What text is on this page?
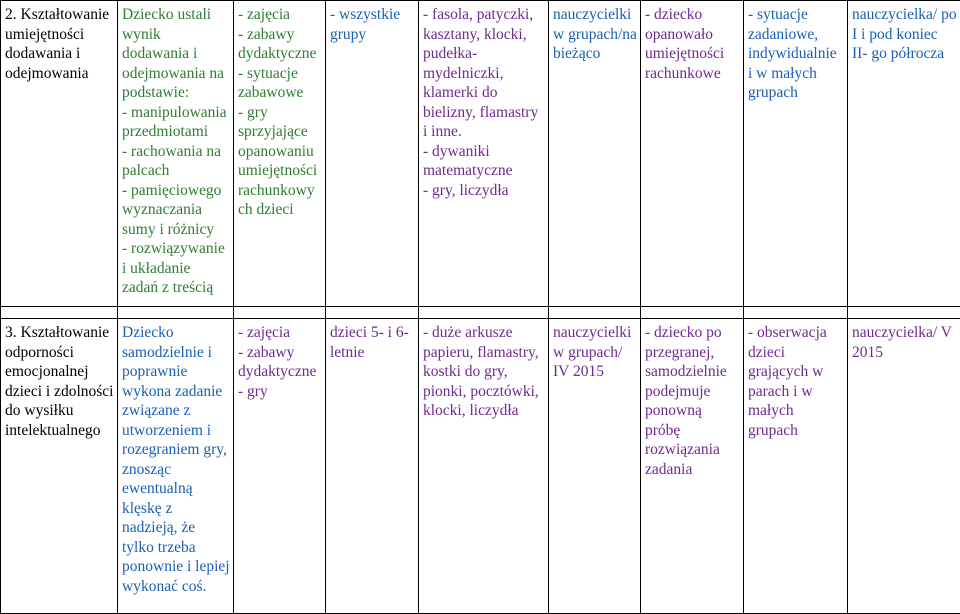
2. Kształtowanie umiejętności dodawania i odejmowania	Dziecko ustali wynik dodawania i odejmowania na podstawie:
- manipulowania przedmiotami
- rachowania na palcach
- pamięciowego wyznaczania sumy i różnicy
- rozwiązywanie i układanie zadań z treścią	- zajęcia
- zabawy dydaktyczne
- sytuacje zabawowe
- gry sprzyjające opanowaniu umiejętności rachunkowy ch dzieci	- wszystkie grupy	- fasola, patyczki, kasztany, klocki, pudełka-mydelniczki, klamerki do bielizny, flamastry i inne.
- dywaniki matematyczne
- gry, liczydła	nauczycielki w grupach/na bieżąco	- dziecko opanowało umiejętności rachunkowe	- sytuacje zadaniowe, indywidualnie i w małych grupach	nauczycielka/ po I i pod koniec II- go półrocza

3. Kształtowanie odporności emocjonalnej dzieci i zdolności do wysiłku intelektualnego	Dziecko samodzielnie i poprawnie wykona zadanie związane z utworzeniem i rozegraniem gry, znosząc ewentualną klęskę z nadzieją, że tylko trzeba ponownie i lepiej wykonać coś.	- zajęcia
- zabawy dydaktyczne
- gry	dzieci 5- i 6-letnie	- duże arkusze papieru, flamastry, kostki do gry, pionki, pocztówki, klocki, liczydła	nauczycielki w grupach/ IV 2015	- dziecko po przegranej, samodzielnie podejmuje ponowną próbę rozwiązania zadania	- obserwacja dzieci grających w parach i w małych grupach	nauczycielka/ V 2015
